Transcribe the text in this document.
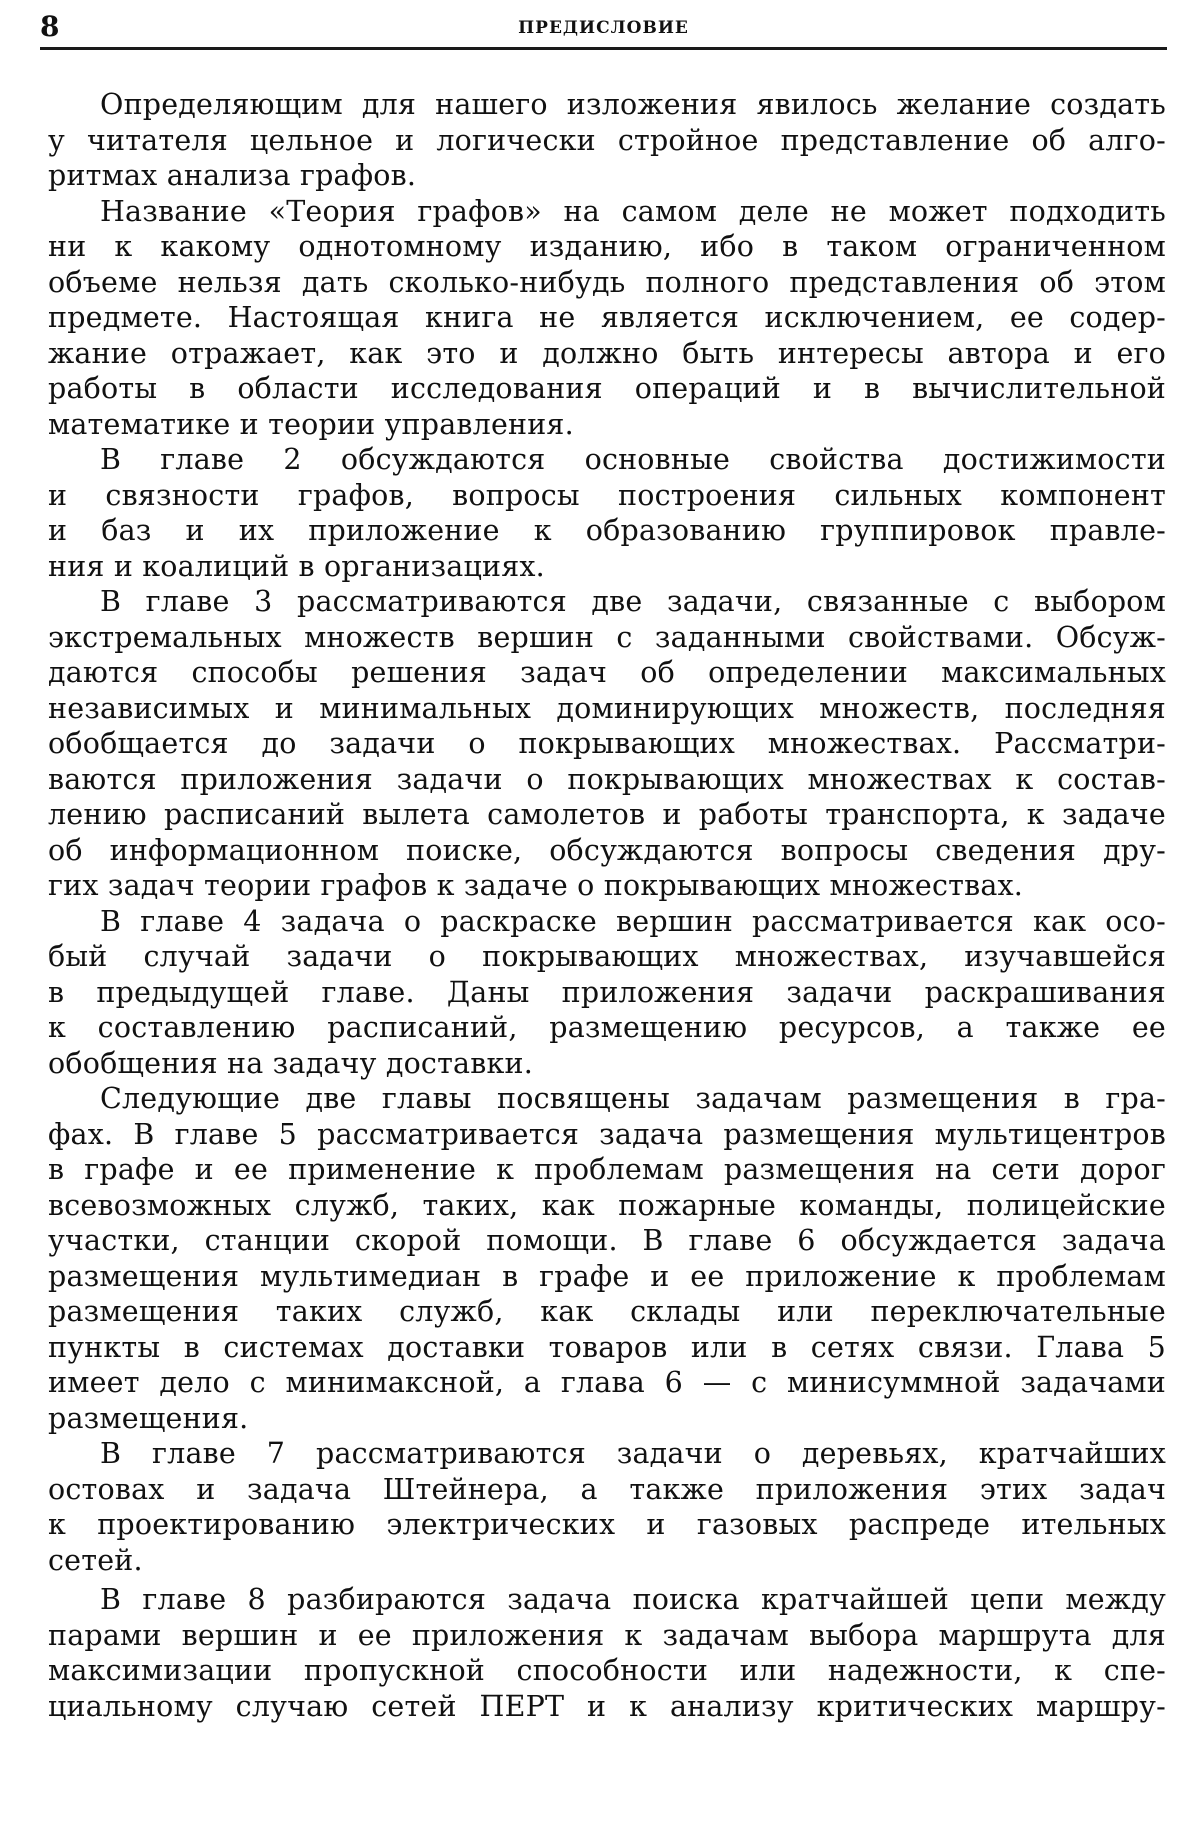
8	ПРЕДИСЛОВИЕ
Определяющим для нашего изложения явилось желание создать
у читателя цельное и логически стройное представление об алго-
ритмах анализа графов.
Название «Теория графов» на самом деле не может подходить
ни к какому однотомному изданию, ибо в таком ограниченном
объеме нельзя дать сколько-нибудь полного представления об этом
предмете. Настоящая книга не является исключением, ее содер-
жание отражает, как это и должно быть интересы автора и его
работы в области исследования операций и в вычислительной
математике и теории управления.
В главе 2 обсуждаются основные свойства достижимости
и связности графов, вопросы построения сильных компонент
и баз и их приложение к образованию группировок правле-
ния и коалиций в организациях.
В главе 3 рассматриваются две задачи, связанные с выбором
экстремальных множеств вершин с заданными свойствами. Обсуж-
даются способы решения задач об определении максимальных
независимых и минимальных доминирующих множеств, последняя
обобщается до задачи о покрывающих множествах. Рассматри-
ваются приложения задачи о покрывающих множествах к состав-
лению расписаний вылета самолетов и работы транспорта, к задаче
об информационном поиске, обсуждаются вопросы сведения дру-
гих задач теории графов к задаче о покрывающих множествах.
В главе 4 задача о раскраске вершин рассматривается как осо-
бый случай задачи о покрывающих множествах, изучавшейся
в предыдущей главе. Даны приложения задачи раскрашивания
к составлению расписаний, размещению ресурсов, а также ее
обобщения на задачу доставки.
Следующие две главы посвящены задачам размещения в гра-
фах. В главе 5 рассматривается задача размещения мультицентров
в графе и ее применение к проблемам размещения на сети дорог
всевозможных служб, таких, как пожарные команды, полицейские
участки, станции скорой помощи. В главе 6 обсуждается задача
размещения мультимедиан в графе и ее приложение к проблемам
размещения таких служб, как склады или переключательные
пункты в системах доставки товаров или в сетях связи. Глава 5
имеет дело с минимаксной, а глава 6 — с минисуммной задачами
размещения.
В главе 7 рассматриваются задачи о деревьях, кратчайших
остовах и задача Штейнера, а также приложения этих задач
к проектированию электрических и газовых распреде ительных
сетей.
В главе 8 разбираются задача поиска кратчайшей цепи между
парами вершин и ее приложения к задачам выбора маршрута для
максимизации пропускной способности или надежности, к спе-
циальному случаю сетей ПЕРТ и к анализу критических маршру-
